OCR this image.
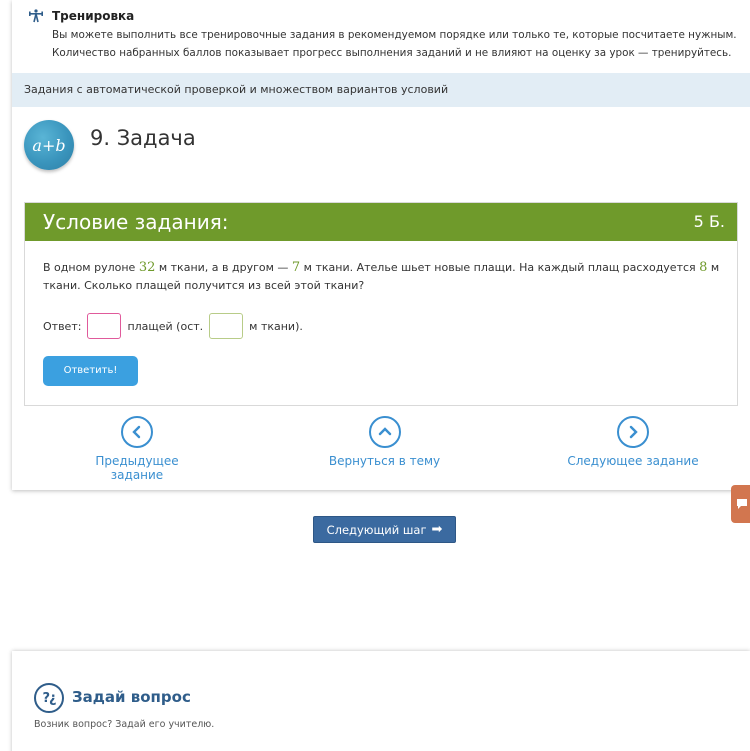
Тренировка
Вы можете выполнить все тренировочные задания в рекомендуемом порядке или только те, которые посчитаете нужным.
Количество набранных баллов показывает прогресс выполнения заданий и не влияют на оценку за урок — тренируйтесь.
Задания с автоматической проверкой и множеством вариантов условий
a+b	9. Задача
Условие задания:	5 Б.
В одном рулоне 32 м ткани, а в другом — 7 м ткани. Ателье шьет новые плащи. На каждый плащ расходуется 8 м ткани. Сколько плащей получится из всей этой ткани?
Ответ:	плащей (ост.	м ткани).
Ответить!
Предыдущее задание
Вернуться в тему	Следующее задание
Следующий шаг ➡
?¿	Задай вопрос
Возник вопрос? Задай его учителю.
